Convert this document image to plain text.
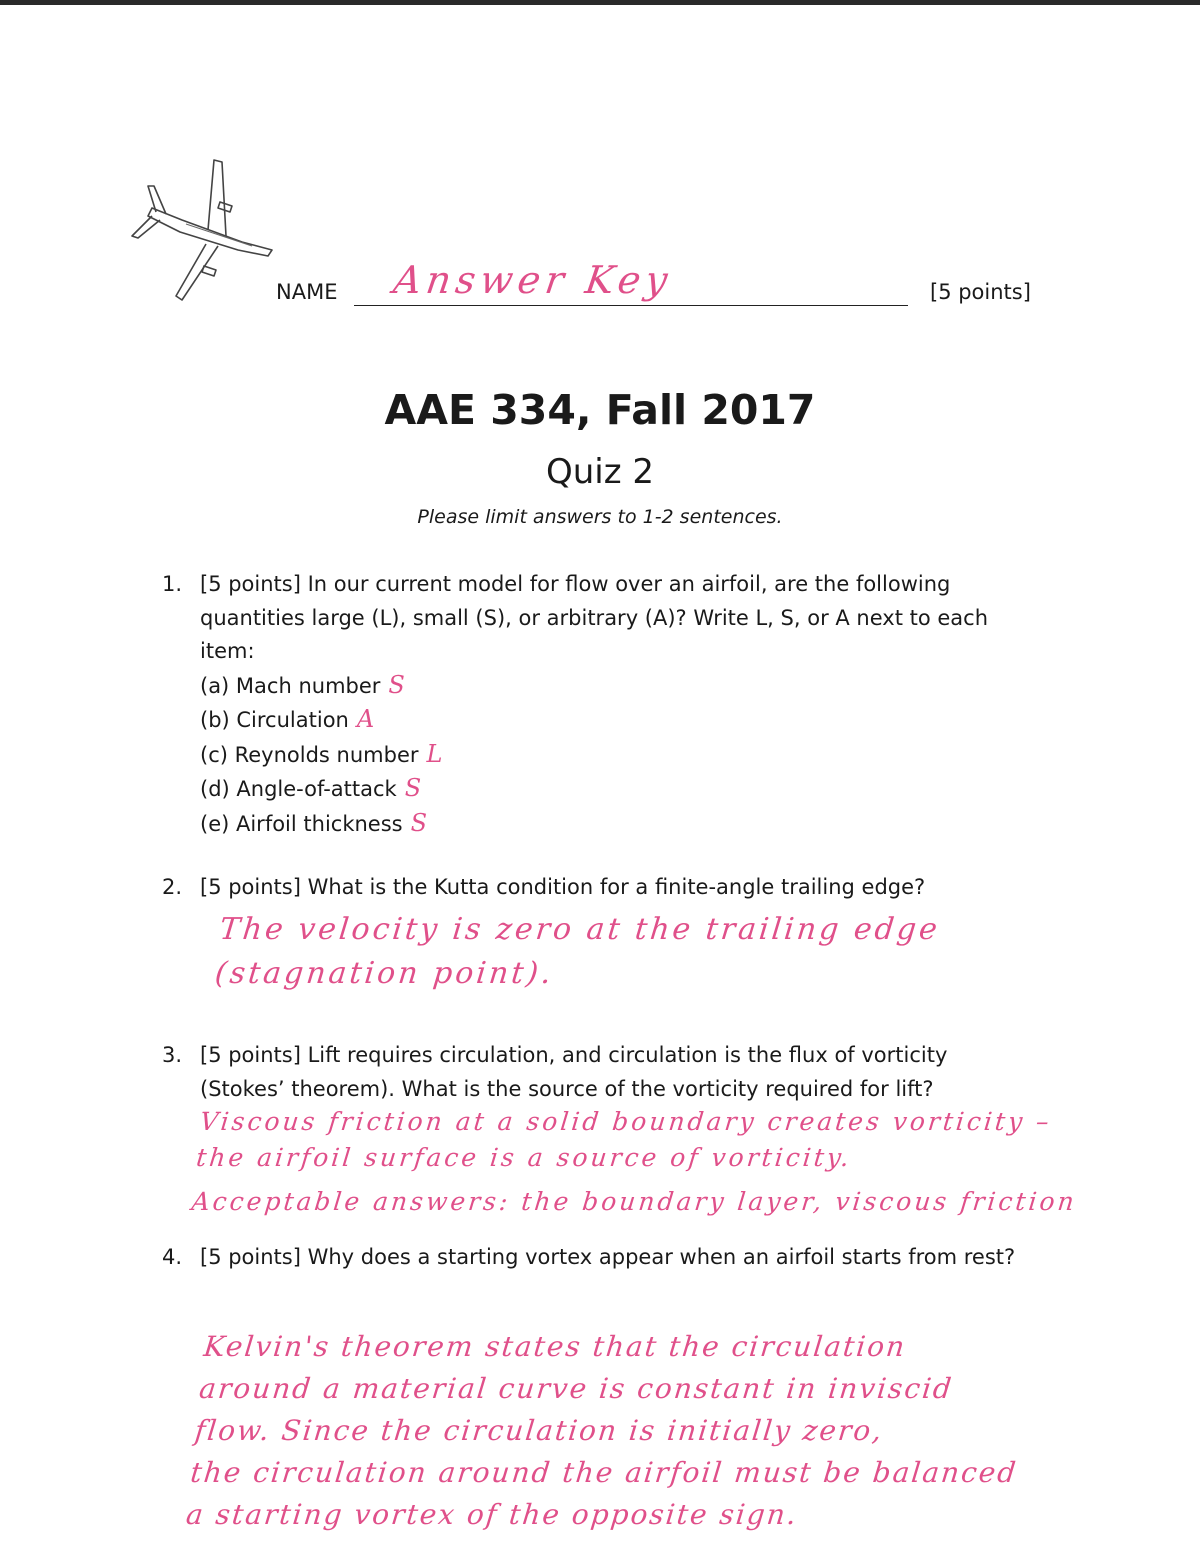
NAME Answer Key	[5 points]
AAE 334, Fall 2017
Quiz 2
Please limit answers to 1-2 sentences.
1. [5 points] In our current model for flow over an airfoil, are the following quantities large (L), small (S), or arbitrary (A)? Write L, S, or A next to each item:
(a) Mach number S
(b) Circulation A
(c) Reynolds number L
(d) Angle-of-attack S
(e) Airfoil thickness S
2. [5 points] What is the Kutta condition for a finite-angle trailing edge?
The velocity is zero at the trailing edge
(stagnation point).
3. [5 points] Lift requires circulation, and circulation is the flux of vorticity (Stokes’ theorem). What is the source of the vorticity required for lift?
Viscous friction at a solid boundary creates vorticity –
the airfoil surface is a source of vorticity.
Acceptable answers: the boundary layer, viscous friction
4. [5 points] Why does a starting vortex appear when an airfoil starts from rest?
Kelvin's theorem states that the circulation
around a material curve is constant in inviscid
flow. Since the circulation is initially zero,
the circulation around the airfoil must be balanced
a starting vortex of the opposite sign.
